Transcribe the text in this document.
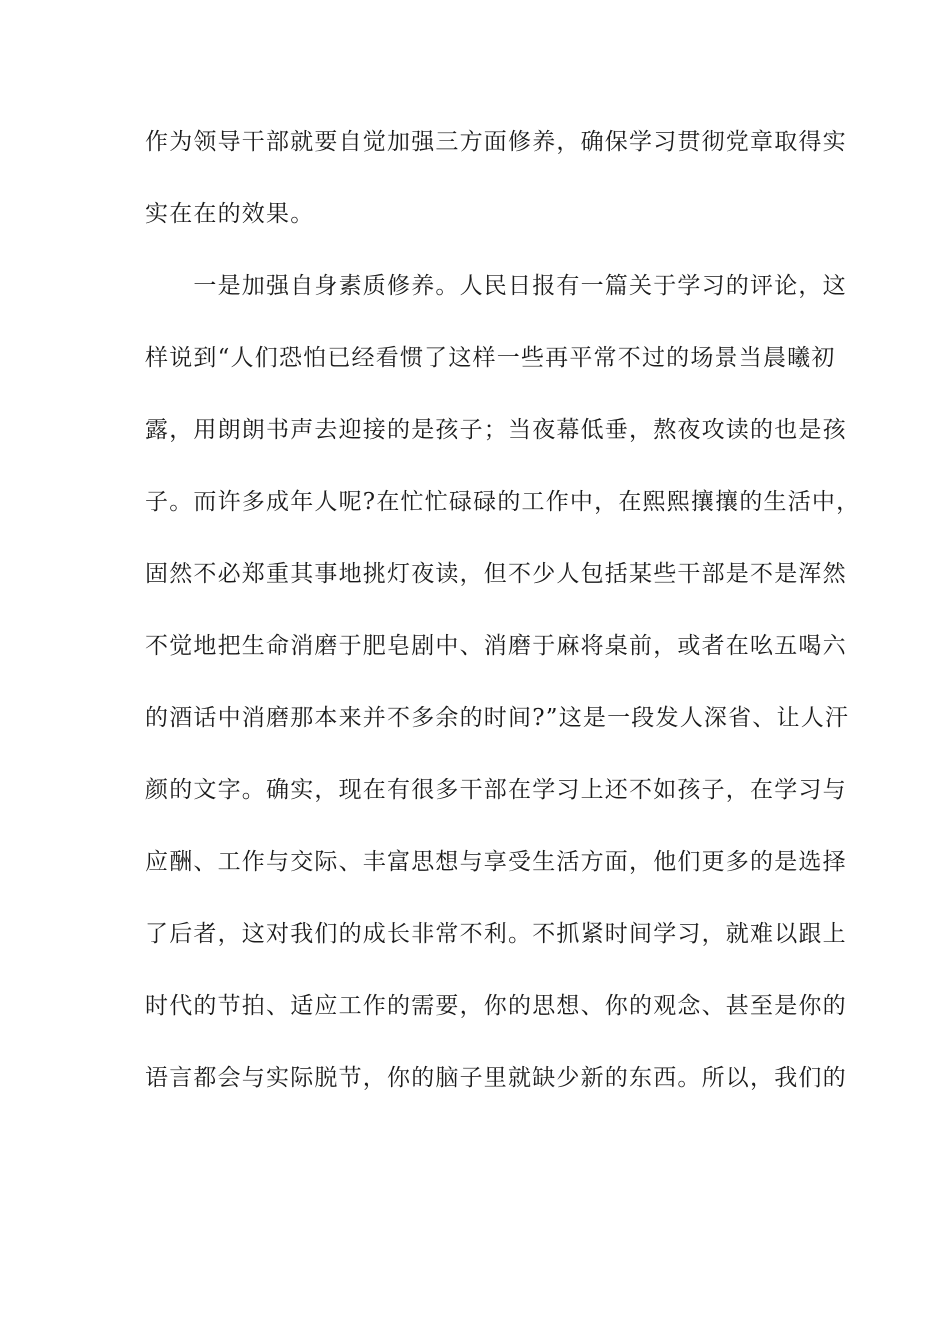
作为领导干部就要自觉加强三方面修养，确保学习贯彻党章取得实
实在在的效果。
　　一是加强自身素质修养。人民日报有一篇关于学习的评论，这
样说到“人们恐怕已经看惯了这样一些再平常不过的场景当晨曦初
露，用朗朗书声去迎接的是孩子；当夜幕低垂，熬夜攻读的也是孩
子。而许多成年人呢?在忙忙碌碌的工作中，在熙熙攘攘的生活中，
固然不必郑重其事地挑灯夜读，但不少人包括某些干部是不是浑然
不觉地把生命消磨于肥皂剧中、消磨于麻将桌前，或者在吆五喝六
的酒话中消磨那本来并不多余的时间?”这是一段发人深省、让人汗
颜的文字。确实，现在有很多干部在学习上还不如孩子，在学习与
应酬、工作与交际、丰富思想与享受生活方面，他们更多的是选择
了后者，这对我们的成长非常不利。不抓紧时间学习，就难以跟上
时代的节拍、适应工作的需要，你的思想、你的观念、甚至是你的
语言都会与实际脱节，你的脑子里就缺少新的东西。所以，我们的
